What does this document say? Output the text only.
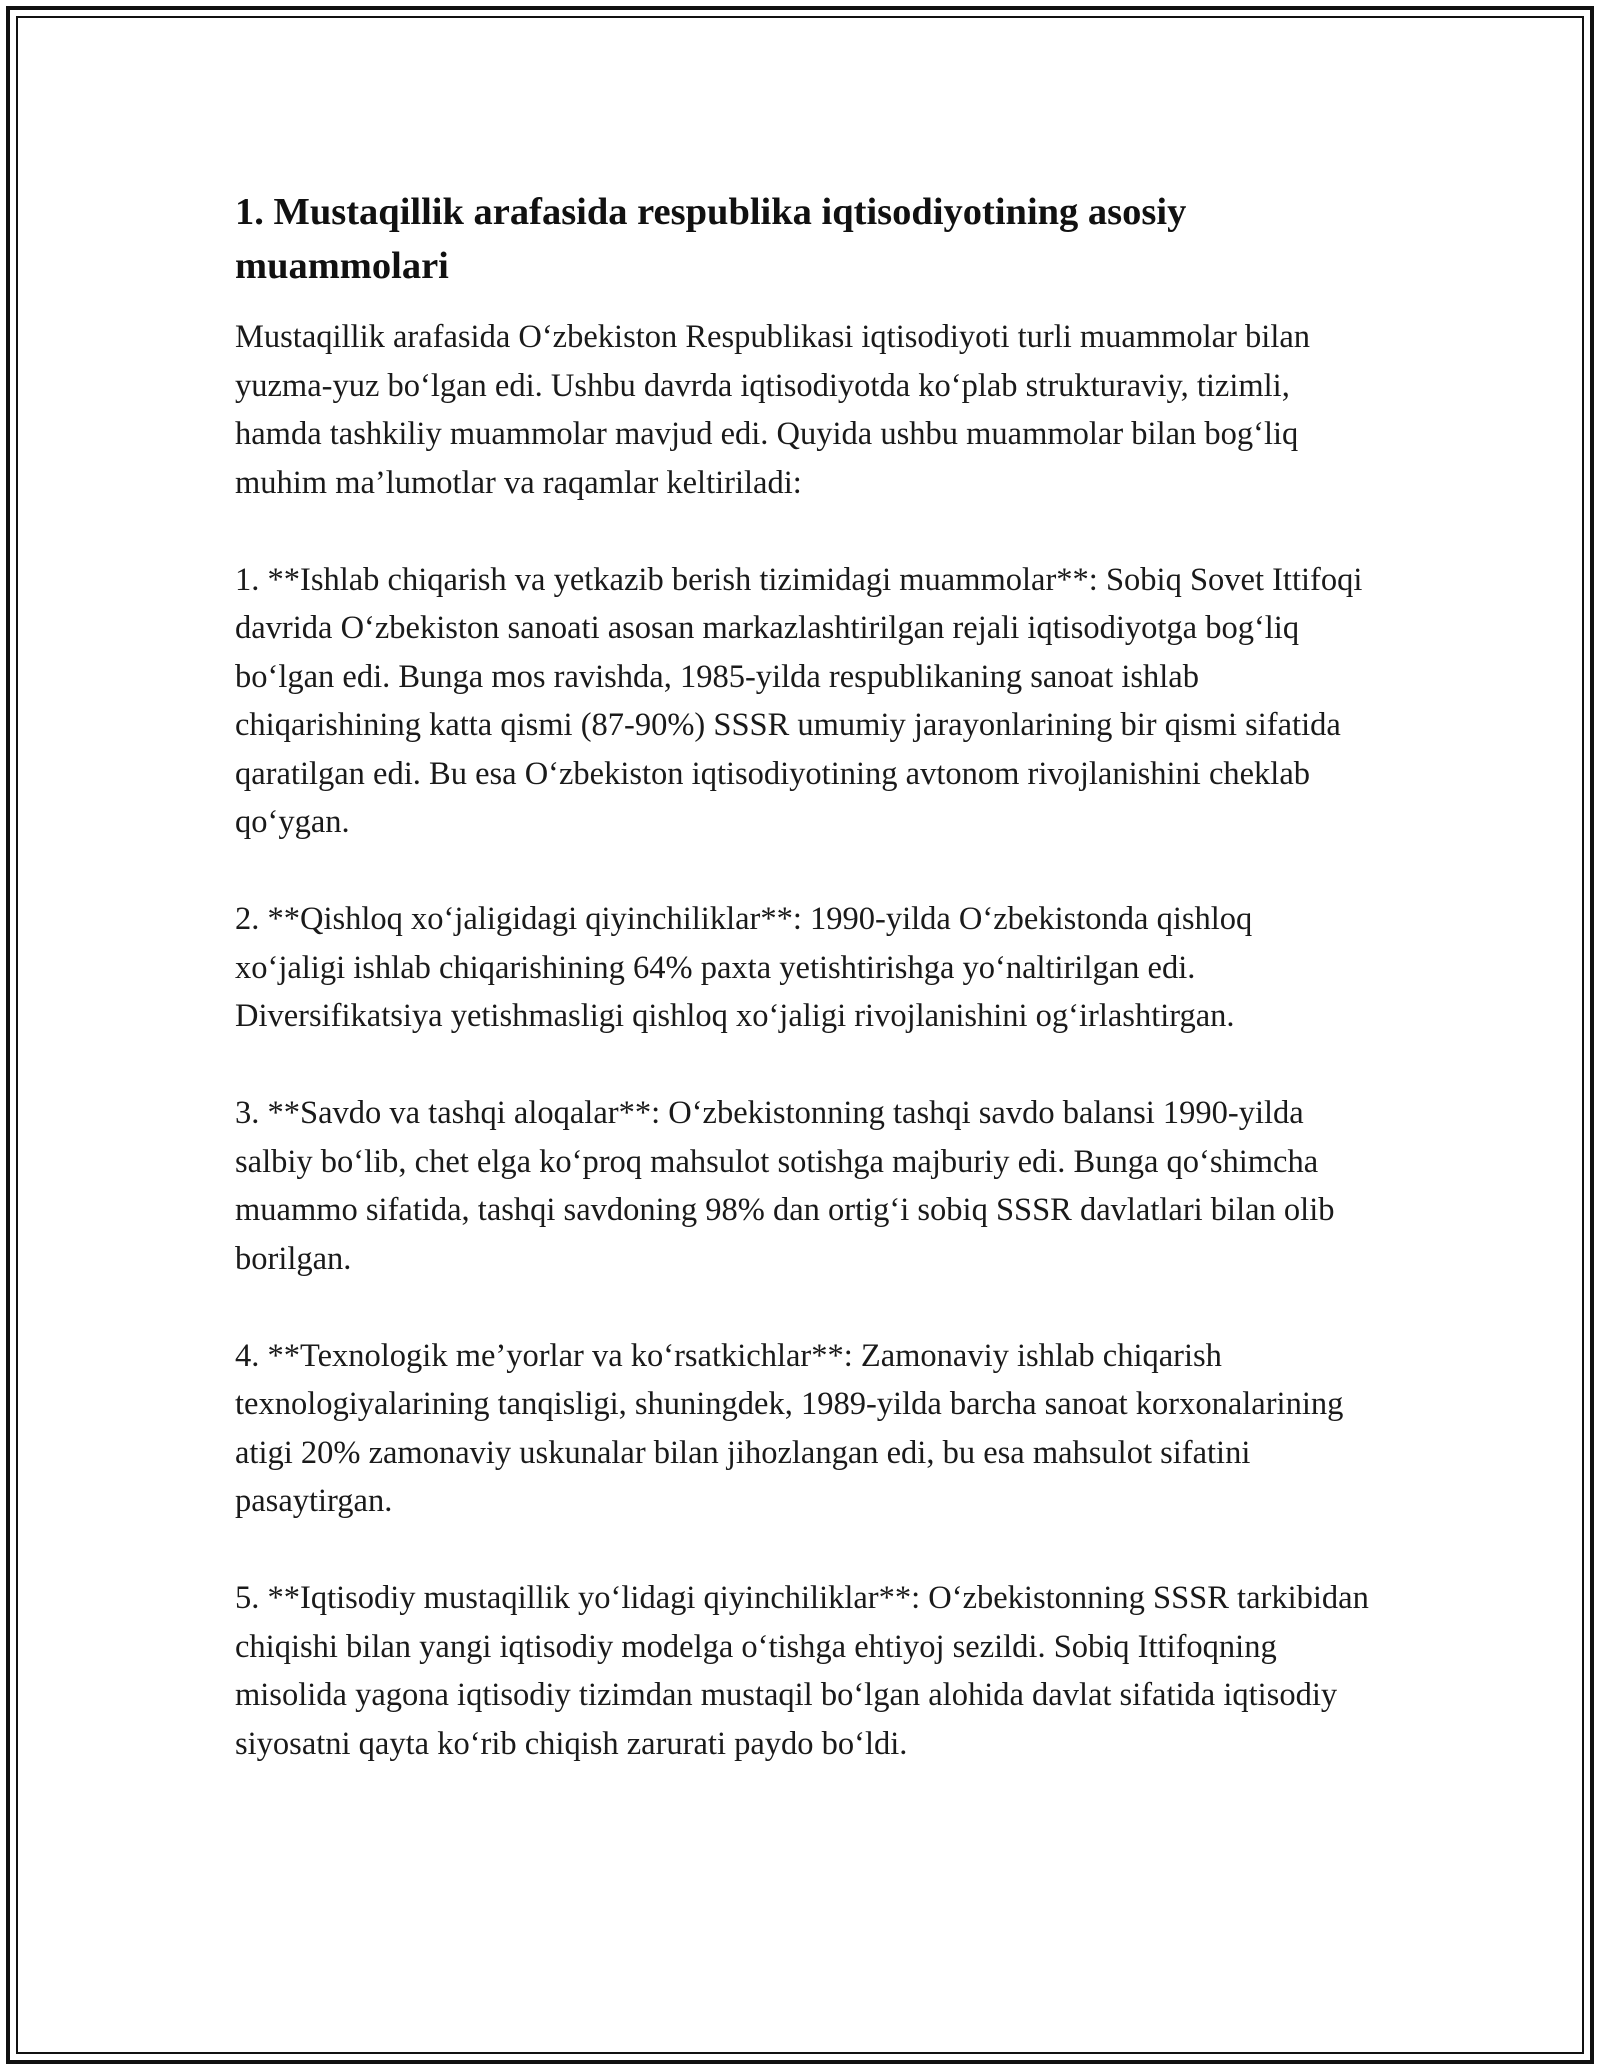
1. Mustaqillik arafasida respublika iqtisodiyotining asosiy muammolari

Mustaqillik arafasida O‘zbekiston Respublikasi iqtisodiyoti turli muammolar bilan yuzma-yuz bo‘lgan edi. Ushbu davrda iqtisodiyotda ko‘plab strukturaviy, tizimli, hamda tashkiliy muammolar mavjud edi. Quyida ushbu muammolar bilan bog‘liq muhim ma’lumotlar va raqamlar keltiriladi:

1. **Ishlab chiqarish va yetkazib berish tizimidagi muammolar**: Sobiq Sovet Ittifoqi davrida O‘zbekiston sanoati asosan markazlashtirilgan rejali iqtisodiyotga bog‘liq bo‘lgan edi. Bunga mos ravishda, 1985-yilda respublikaning sanoat ishlab chiqarishining katta qismi (87-90%) SSSR umumiy jarayonlarining bir qismi sifatida qaratilgan edi. Bu esa O‘zbekiston iqtisodiyotining avtonom rivojlanishini cheklab qo‘ygan.

2. **Qishloq xo‘jaligidagi qiyinchiliklar**: 1990-yilda O‘zbekistonda qishloq xo‘jaligi ishlab chiqarishining 64% paxta yetishtirishga yo‘naltirilgan edi. Diversifikatsiya yetishmasligi qishloq xo‘jaligi rivojlanishini og‘irlashtirgan.

3. **Savdo va tashqi aloqalar**: O‘zbekistonning tashqi savdo balansi 1990-yilda salbiy bo‘lib, chet elga ko‘proq mahsulot sotishga majburiy edi. Bunga qo‘shimcha muammo sifatida, tashqi savdoning 98% dan ortig‘i sobiq SSSR davlatlari bilan olib borilgan.

4. **Texnologik me’yorlar va ko‘rsatkichlar**: Zamonaviy ishlab chiqarish texnologiyalarining tanqisligi, shuningdek, 1989-yilda barcha sanoat korxonalarining atigi 20% zamonaviy uskunalar bilan jihozlangan edi, bu esa mahsulot sifatini pasaytirgan.

5. **Iqtisodiy mustaqillik yo‘lidagi qiyinchiliklar**: O‘zbekistonning SSSR tarkibidan chiqishi bilan yangi iqtisodiy modelga o‘tishga ehtiyoj sezildi. Sobiq Ittifoqning misolida yagona iqtisodiy tizimdan mustaqil bo‘lgan alohida davlat sifatida iqtisodiy siyosatni qayta ko‘rib chiqish zarurati paydo bo‘ldi.
